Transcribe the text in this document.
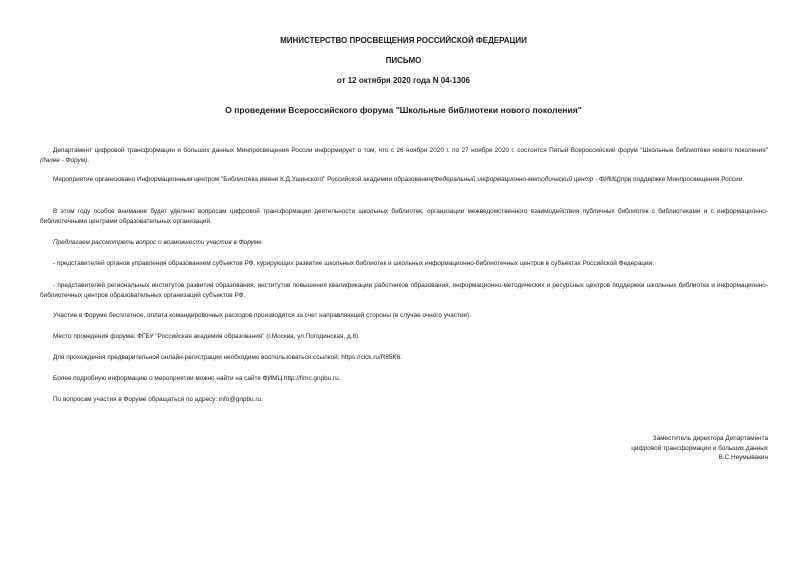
МИНИСТЕРСТВО ПРОСВЕЩЕНИЯ РОССИЙСКОЙ ФЕДЕРАЦИИ
ПИСЬМО
от 12 октября 2020 года N 04-1306
О проведении Всероссийского форума "Школьные библиотеки нового поколения"

Департамент цифровой трансформации и больших данных Минпросвещения России информирует о том, что с 26 ноября 2020 г. по 27 ноября 2020 г. состоится Пятый Всероссийский форум "Школьные библиотеки нового поколения" (далее - Форум).

Мероприятие организовано Информационным центром "Библиотека имени К.Д.Ушинского" Российской академии образования(Федеральный информационно-методический центр - ФИМЦ)при поддержке Минпросвещения России.

В этом году особое внимание будет уделено вопросам цифровой трансформации деятельности школьных библиотек, организации межведомственного взаимодействия публичных библиотек с библиотеками и с информационно-библиотечными центрами образовательных организаций.

Предлагаем рассмотреть вопрос о возможности участия в Форуме:

- представителей органов управления образованием субъектов РФ, курирующих развитие школьных библиотек и школьных информационно-библиотечных центров в субъектах Российской Федерации;

- представителей региональных институтов развития образования, институтов повышения квалификации работников образования, информационно-методических и ресурсных центров поддержки школьных библиотек и информационно-библиотечных центров образовательных организаций субъектов РФ.

Участие в Форуме бесплатное, оплата командировочных расходов производится за счет направляющей стороны (в случае очного участия).

Место проведения форума: ФГБУ "Российская академия образования" (г.Москва, ул.Погодинская, д.8).

Для прохождения предварительной онлайн-регистрации необходимо воспользоваться ссылкой: https://clck.ru/R85K6.

Более подробную информацию о мероприятии можно найти на сайте ФИМЦ http://fimc.gnpbu.ru.

По вопросам участия в Форуме обращаться по адресу: info@gnpbu.ru.

Заместитель директора Департамента
цифровой трансформации и больших данных
В.С.Неумывакин
